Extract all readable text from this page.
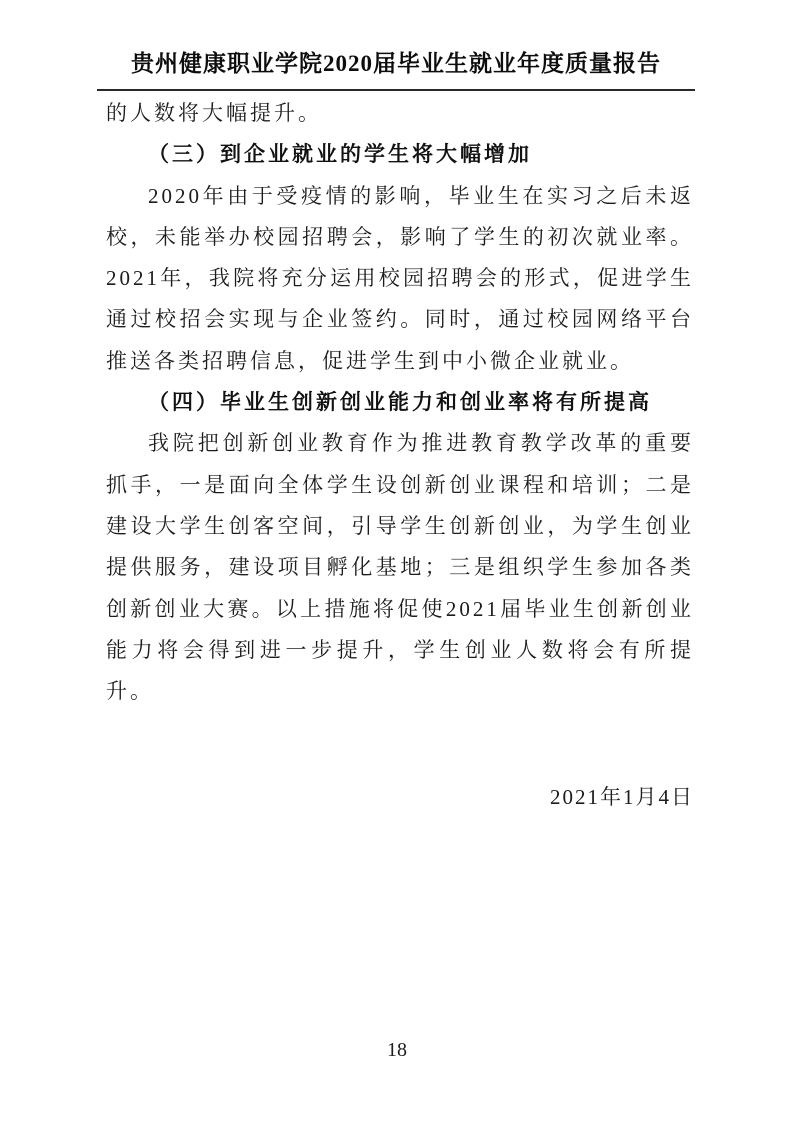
贵州健康职业学院2020届毕业生就业年度质量报告

的人数将大幅提升。

（三）到企业就业的学生将大幅增加

2020年由于受疫情的影响，毕业生在实习之后未返校，未能举办校园招聘会，影响了学生的初次就业率。2021年，我院将充分运用校园招聘会的形式，促进学生通过校招会实现与企业签约。同时，通过校园网络平台推送各类招聘信息，促进学生到中小微企业就业。

（四）毕业生创新创业能力和创业率将有所提高

我院把创新创业教育作为推进教育教学改革的重要抓手，一是面向全体学生设创新创业课程和培训；二是建设大学生创客空间，引导学生创新创业，为学生创业提供服务，建设项目孵化基地；三是组织学生参加各类创新创业大赛。以上措施将促使2021届毕业生创新创业能力将会得到进一步提升，学生创业人数将会有所提升。

2021年1月4日
18
